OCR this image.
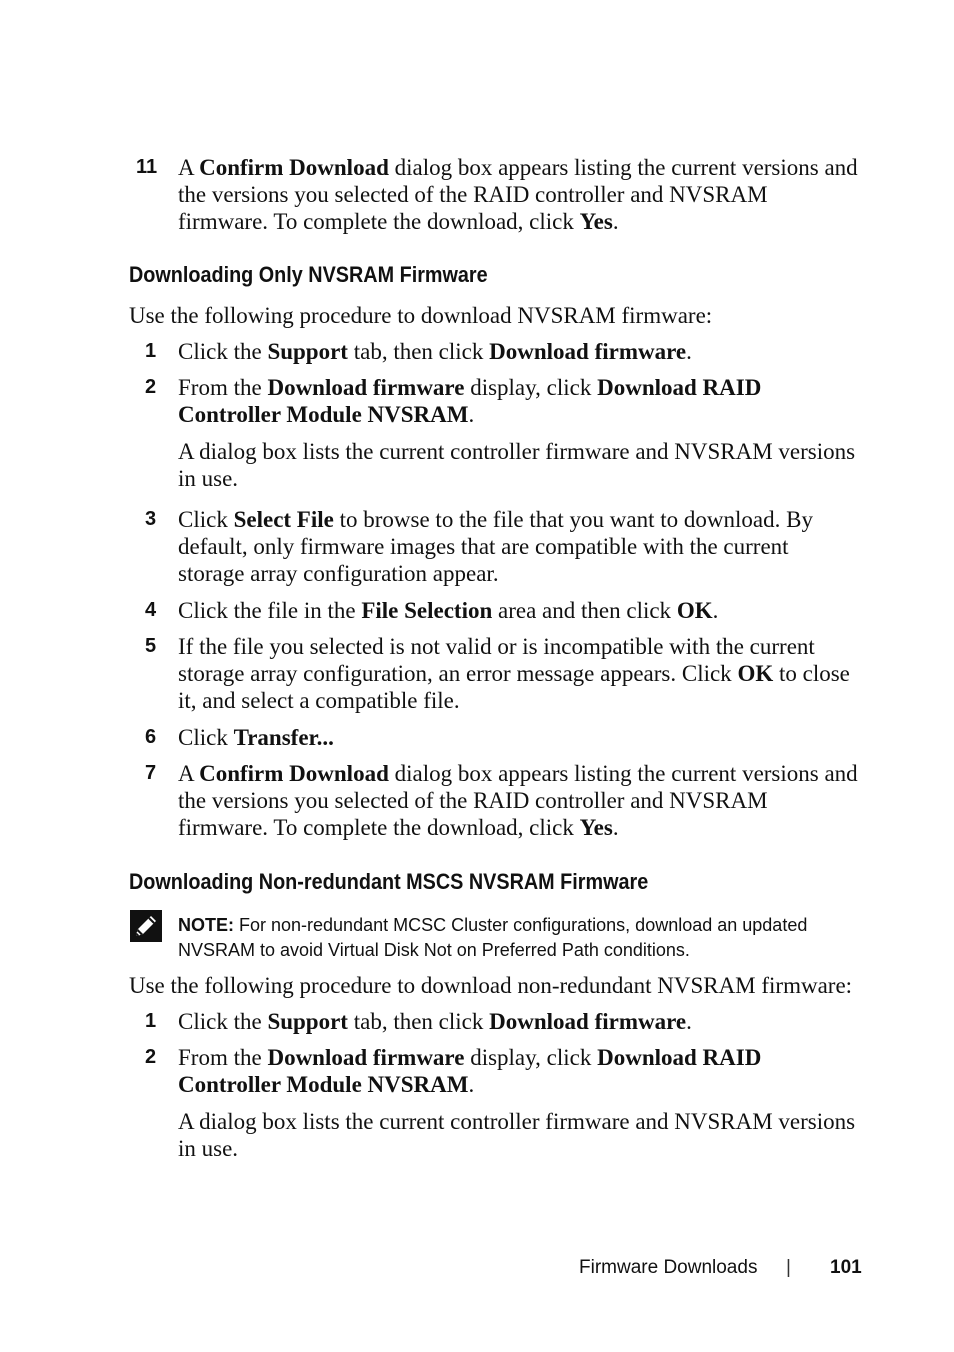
11 A Confirm Download dialog box appears listing the current versions and the versions you selected of the RAID controller and NVSRAM firmware. To complete the download, click Yes.
Downloading Only NVSRAM Firmware
Use the following procedure to download NVSRAM firmware:
1 Click the Support tab, then click Download firmware.
2 From the Download firmware display, click Download RAID Controller Module NVSRAM.
A dialog box lists the current controller firmware and NVSRAM versions in use.
3 Click Select File to browse to the file that you want to download. By default, only firmware images that are compatible with the current storage array configuration appear.
4 Click the file in the File Selection area and then click OK.
5 If the file you selected is not valid or is incompatible with the current storage array configuration, an error message appears. Click OK to close it, and select a compatible file.
6 Click Transfer...
7 A Confirm Download dialog box appears listing the current versions and the versions you selected of the RAID controller and NVSRAM firmware. To complete the download, click Yes.
Downloading Non-redundant MSCS NVSRAM Firmware
NOTE: For non-redundant MCSC Cluster configurations, download an updated NVSRAM to avoid Virtual Disk Not on Preferred Path conditions.
Use the following procedure to download non-redundant NVSRAM firmware:
1 Click the Support tab, then click Download firmware.
2 From the Download firmware display, click Download RAID Controller Module NVSRAM.
A dialog box lists the current controller firmware and NVSRAM versions in use.
Firmware Downloads | 101
